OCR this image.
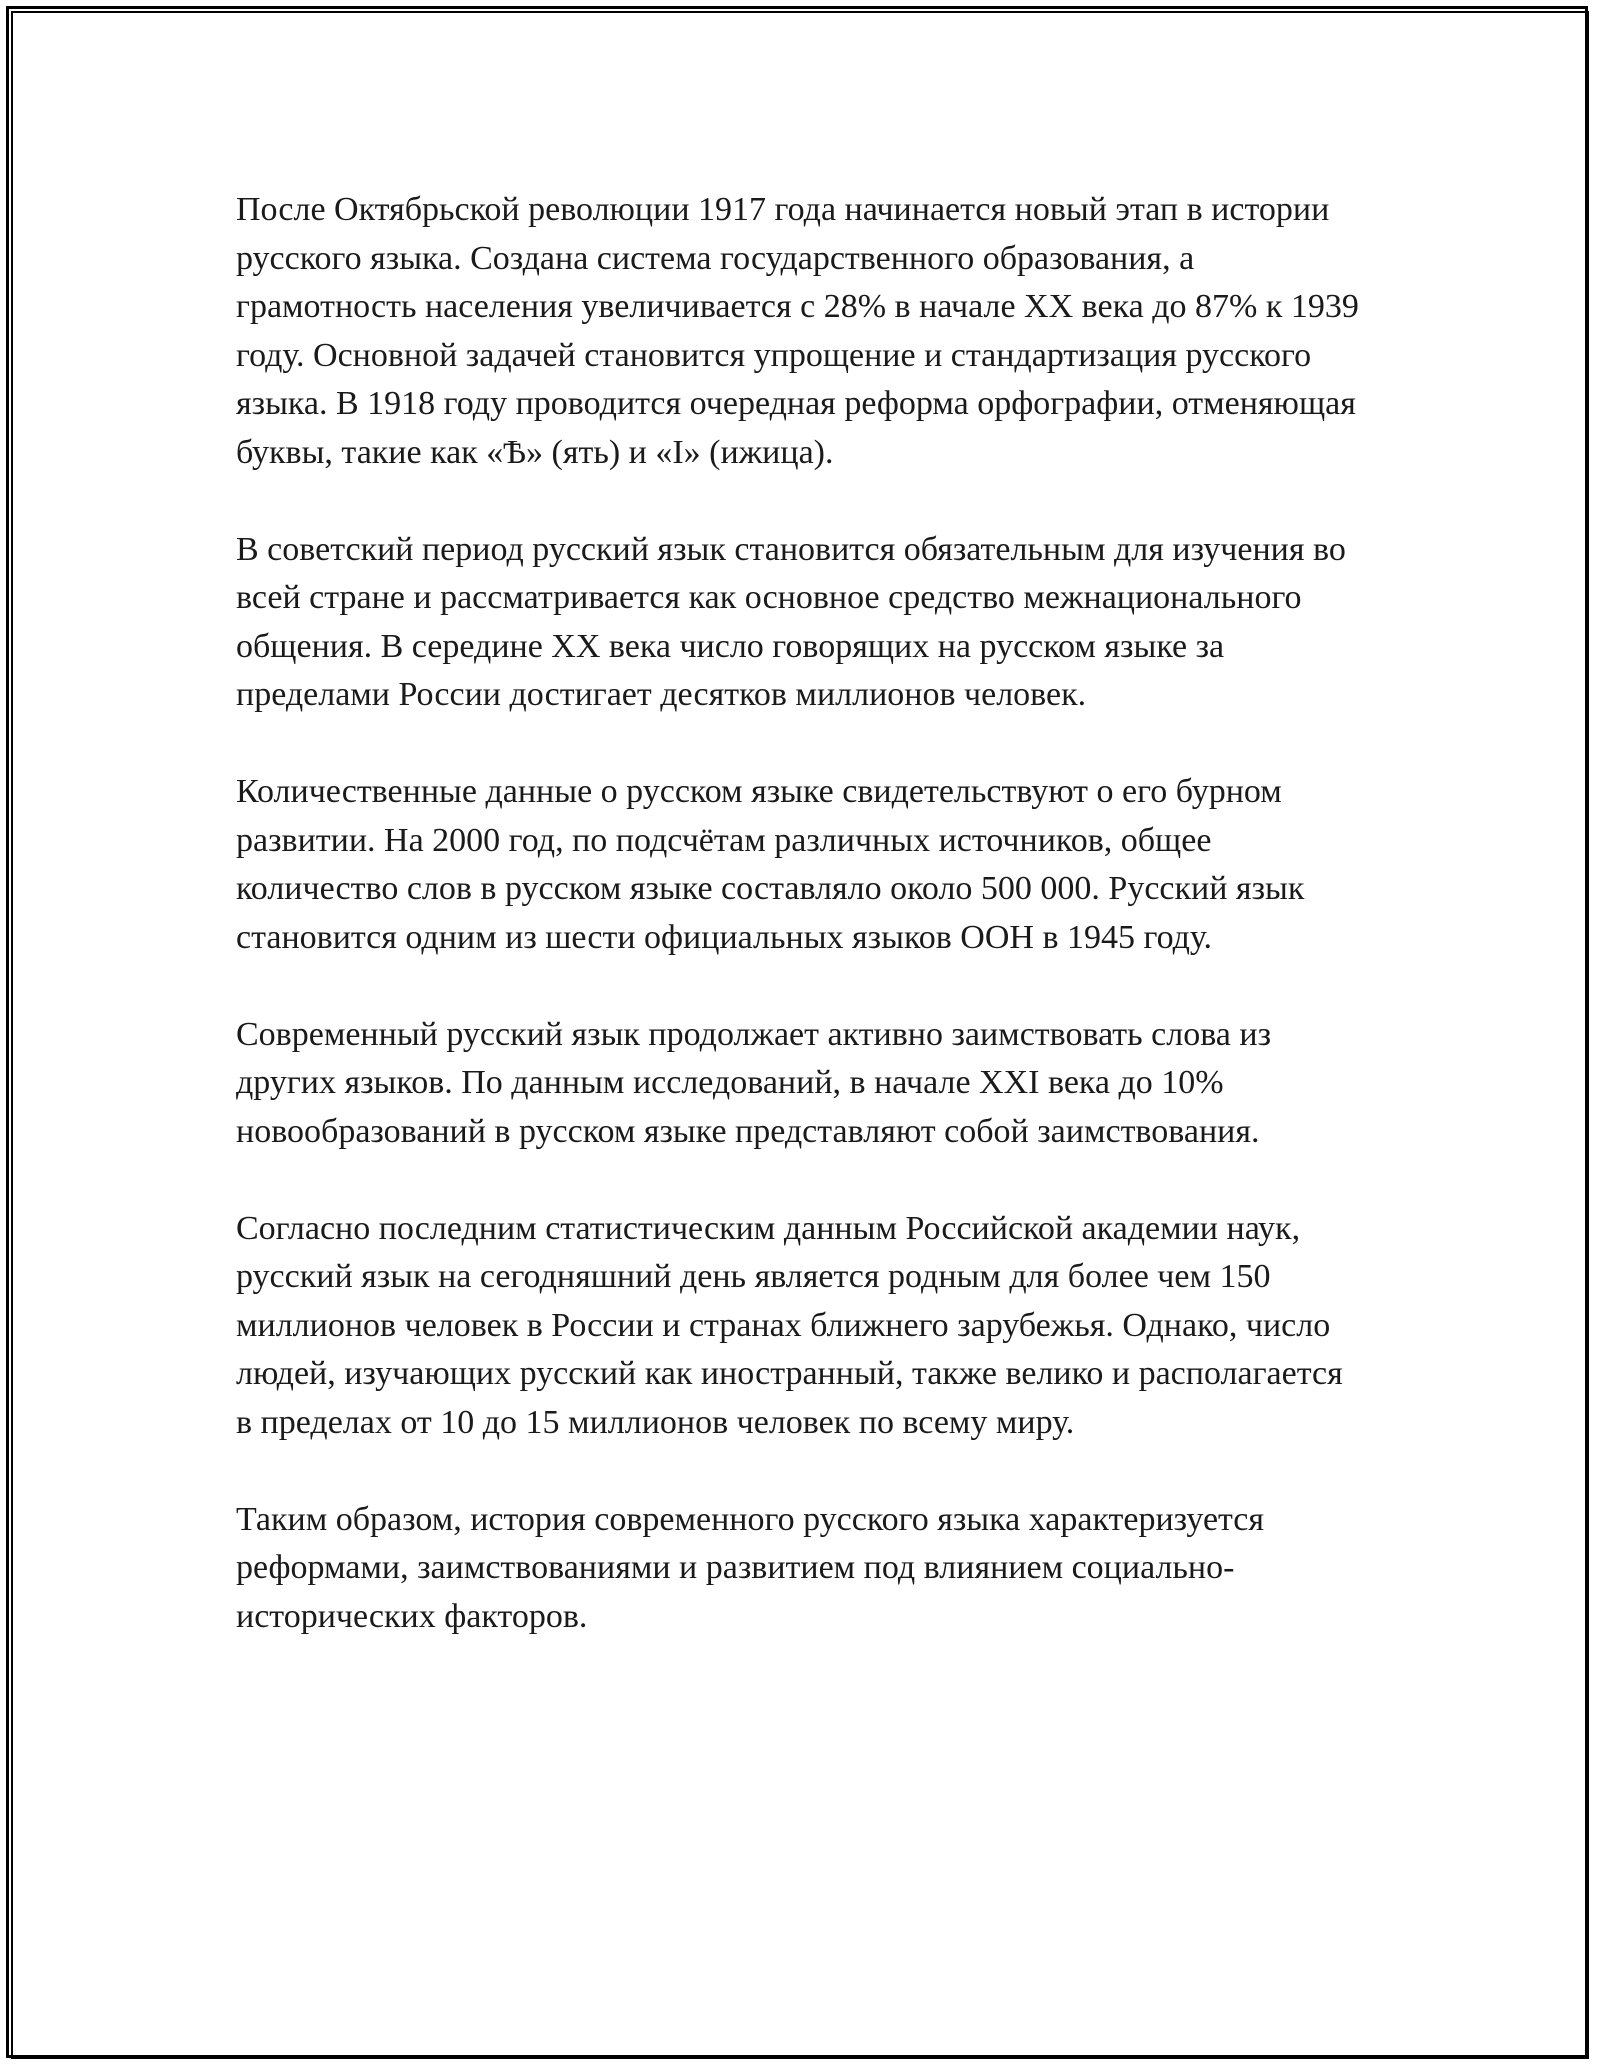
После Октябрьской революции 1917 года начинается новый этап в истории русского языка. Создана система государственного образования, а грамотность населения увеличивается с 28% в начале XX века до 87% к 1939 году. Основной задачей становится упрощение и стандартизация русского языка. В 1918 году проводится очередная реформа орфографии, отменяющая буквы, такие как «Ѣ» (ять) и «I» (ижица).

В советский период русский язык становится обязательным для изучения во всей стране и рассматривается как основное средство межнационального общения. В середине XX века число говорящих на русском языке за пределами России достигает десятков миллионов человек.

Количественные данные о русском языке свидетельствуют о его бурном развитии. На 2000 год, по подсчётам различных источников, общее количество слов в русском языке составляло около 500 000. Русский язык становится одним из шести официальных языков ООН в 1945 году.

Современный русский язык продолжает активно заимствовать слова из других языков. По данным исследований, в начале XXI века до 10% новообразований в русском языке представляют собой заимствования.

Согласно последним статистическим данным Российской академии наук, русский язык на сегодняшний день является родным для более чем 150 миллионов человек в России и странах ближнего зарубежья. Однако, число людей, изучающих русский как иностранный, также велико и располагается в пределах от 10 до 15 миллионов человек по всему миру.

Таким образом, история современного русского языка характеризуется реформами, заимствованиями и развитием под влиянием социально-исторических факторов.
